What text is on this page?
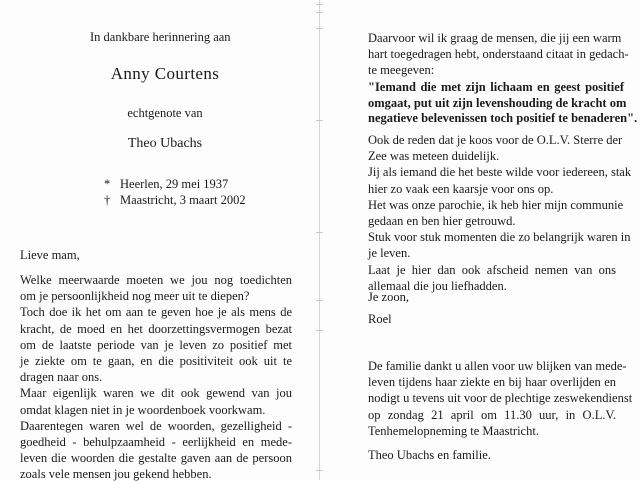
In dankbare herinnering aan
Anny Courtens
echtgenote van
Theo Ubachs
* Heerlen, 29 mei 1937
† Maastricht, 3 maart 2002
Lieve mam,
Welke meerwaarde moeten we jou nog toedichten
om je persoonlijkheid nog meer uit te diepen?
Toch doe ik het om aan te geven hoe je als mens de
kracht, de moed en het doorzettingsvermogen bezat
om de laatste periode van je leven zo positief met
je ziekte om te gaan, en die positiviteit ook uit te
dragen naar ons.
Maar eigenlijk waren we dit ook gewend van jou
omdat klagen niet in je woordenboek voorkwam.
Daarentegen waren wel de woorden, gezelligheid -
goedheid - behulpzaamheid - eerlijkheid en mede-
leven die woorden die gestalte gaven aan de persoon
zoals vele mensen jou gekend hebben.
Daarvoor wil ik graag de mensen, die jij een warm
hart toegedragen hebt, onderstaand citaat in gedach-
te meegeven:
"Iemand die met zijn lichaam en geest positief
omgaat, put uit zijn levenshouding de kracht om
negatieve belevenissen toch positief te benaderen".
Ook de reden dat je koos voor de O.L.V. Sterre der
Zee was meteen duidelijk.
Jij als iemand die het beste wilde voor iedereen, stak
hier zo vaak een kaarsje voor ons op.
Het was onze parochie, ik heb hier mijn communie
gedaan en ben hier getrouwd.
Stuk voor stuk momenten die zo belangrijk waren in
je leven.
Laat je hier dan ook afscheid nemen van ons
allemaal die jou liefhadden.
Je zoon,
Roel
De familie dankt u allen voor uw blijken van mede-
leven tijdens haar ziekte en bij haar overlijden en
nodigt u tevens uit voor de plechtige zeswekendienst
op zondag 21 april om 11.30 uur, in O.L.V.
Tenhemelopneming te Maastricht.
Theo Ubachs en familie.
